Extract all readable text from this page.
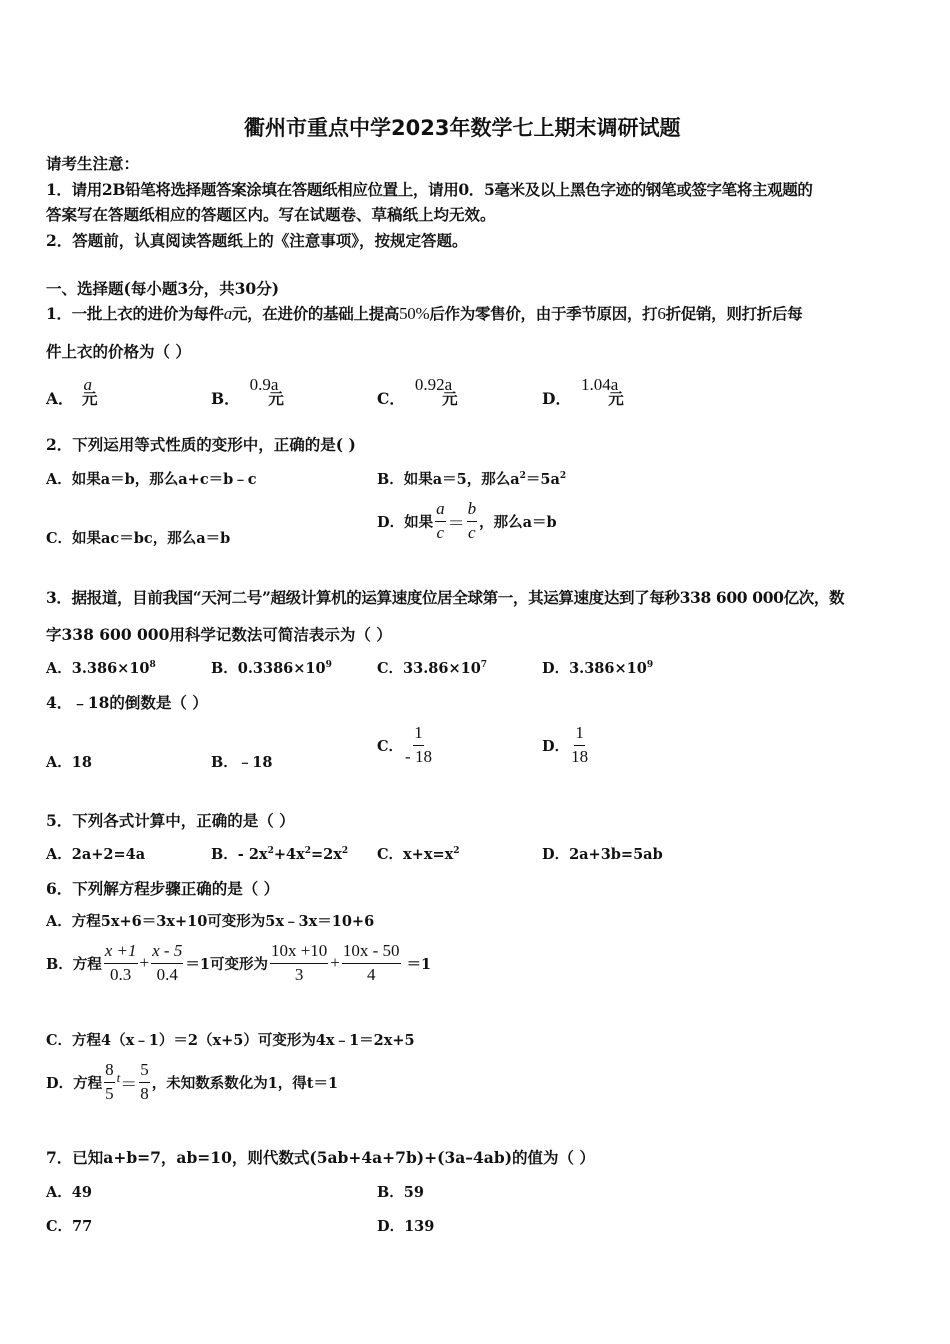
衢州市重点中学2023年数学七上期末调研试题
请考生注意：
1．请用2B铅笔将选择题答案涂填在答题纸相应位置上，请用0．5毫米及以上黑色字迹的钢笔或签字笔将主观题的
答案写在答题纸相应的答题区内。写在试题卷、草稿纸上均无效。
2．答题前，认真阅读答题纸上的《注意事项》，按规定答题。
一、选择题(每小题3分，共30分)
1．一批上衣的进价为每件a元，在进价的基础上提高50%后作为零售价，由于季节原因，打6折促销，则打折后每
件上衣的价格为（ ）
A．a元	B．0.9a元	C．0.92a元	D．1.04a元
2．下列运用等式性质的变形中，正确的是( )
A．如果a＝b，那么a+c＝b﹣c	B．如果a＝5，那么$a^2=5a^2$
C．如果ac＝bc，那么a＝b
D．如果 $\frac{a}{c} = \frac{b}{c}$ ，那么a＝b
3．据报道，目前我国“天河二号”超级计算机的运算速度位居全球第一，其运算速度达到了每秒338 600 000亿次，数
字338 600 000用科学记数法可简洁表示为（ ）
A．$3.386\times 10^8$	B．$0.3386\times 10^9$	C．$33.86\times 10^7$	D．$3.386\times 10^9$
4．﹣18的倒数是（ ）
A．18	B．﹣18
C． $\frac{1}{- 18}$	D． $\frac{1}{18}$
5．下列各式计算中，正确的是（ ）
A．2a+2=4a	B．- $2x^2+4x^2=2x^2$ C．$x+x=x^2$	D．2a+3b=5ab
6．下列解方程步骤正确的是（ ）
A．方程5x+6＝3x+10可变形为5x﹣3x＝10+6
B．方程 $\frac{x +1}{0.3} + \frac{x - 5}{0.4} =1$可变形为 $\frac{10x +10}{3} + \frac{10x - 50}{4} =1$
C．方程4（x﹣1）＝2（x+5）可变形为4x﹣1＝2x+5
D．方程 $\frac{8}{5}$ $t = \frac{5}{8}$ ，未知数系数化为1，得t＝1
7．已知a+b=7，ab=10，则代数式(5ab+4a+7b)+(3a–4ab)的值为（ ）
A．49	B．59
C．77	D．139
